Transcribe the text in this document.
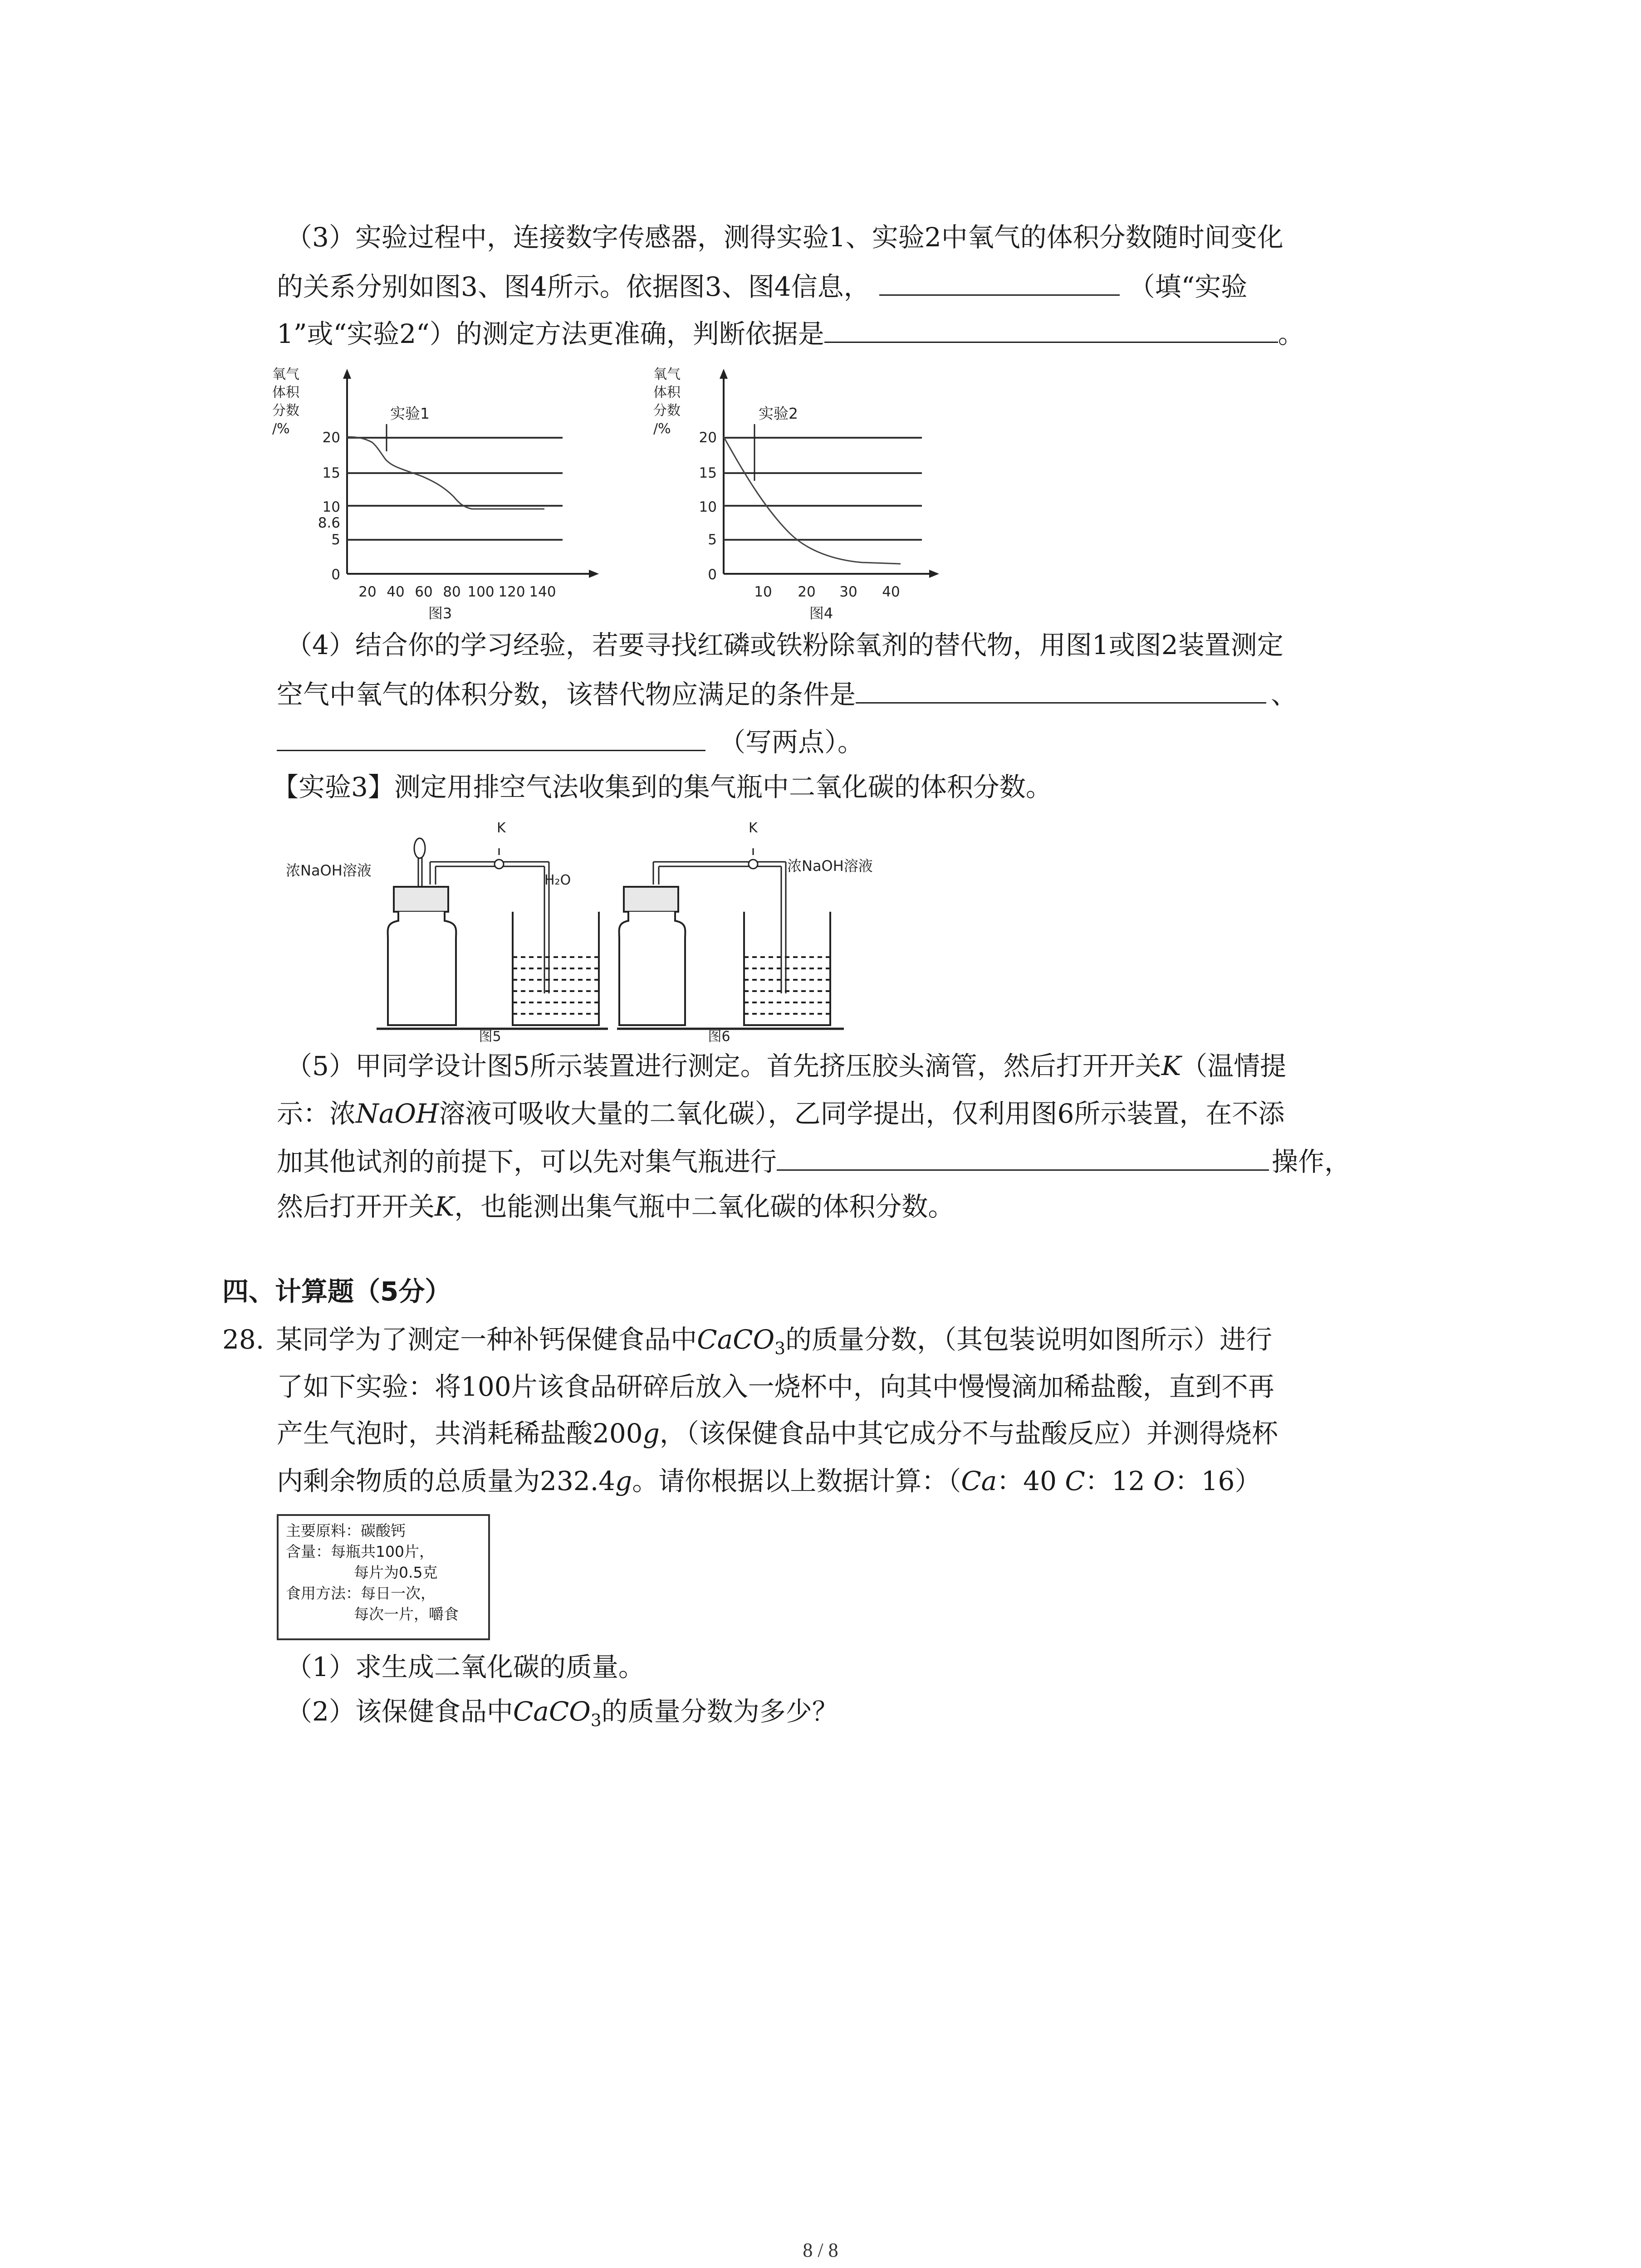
（3）实验过程中，连接数字传感器，测得实验1、实验2中氧气的体积分数随时间变化
的关系分别如图3、图4所示。依据图3、图4信息，	（填“实验
1”或“实验2“）的测定方法更准确，判断依据是	。
氧气
体积
分数
/%
0
5
8.6
10
15
20
20 40 60 80 100 120 140
实验1
图3
氧气
体积
分数
/%
0
5
10
15
20
10 20 30 40
实验2
图4
（4）结合你的学习经验，若要寻找红磷或铁粉除氧剂的替代物，用图1或图2装置测定
空气中氧气的体积分数，该替代物应满足的条件是	、
（写两点）。
【实验3】测定用排空气法收集到的集气瓶中二氧化碳的体积分数。
浓NaOH溶液
K
H₂O
图5
K
浓NaOH溶液
图6
（5）甲同学设计图5所示装置进行测定。首先挤压胶头滴管，然后打开开关K（温情提
示：浓NaOH溶液可吸收大量的二氧化碳），乙同学提出，仅利用图6所示装置，在不添
加其他试剂的前提下，可以先对集气瓶进行	操作，
然后打开开关K，也能测出集气瓶中二氧化碳的体积分数。
四、计算题（5分）
28. 某同学为了测定一种补钙保健食品中CaCO$_3$的质量分数，（其包装说明如图所示）进行
了如下实验：将100片该食品研碎后放入一烧杯中，向其中慢慢滴加稀盐酸，直到不再
产生气泡时，共消耗稀盐酸200g，（该保健食品中其它成分不与盐酸反应）并测得烧杯
内剩余物质的总质量为232.4g。请你根据以上数据计算：（Ca：40 C：12 O：16）
主要原料：碳酸钙
含量：每瓶共100片，
每片为0.5克
食用方法：每日一次，
每次一片，嚼食
（1）求生成二氧化碳的质量。
（2）该保健食品中CaCO$_3$的质量分数为多少？
8 / 8
